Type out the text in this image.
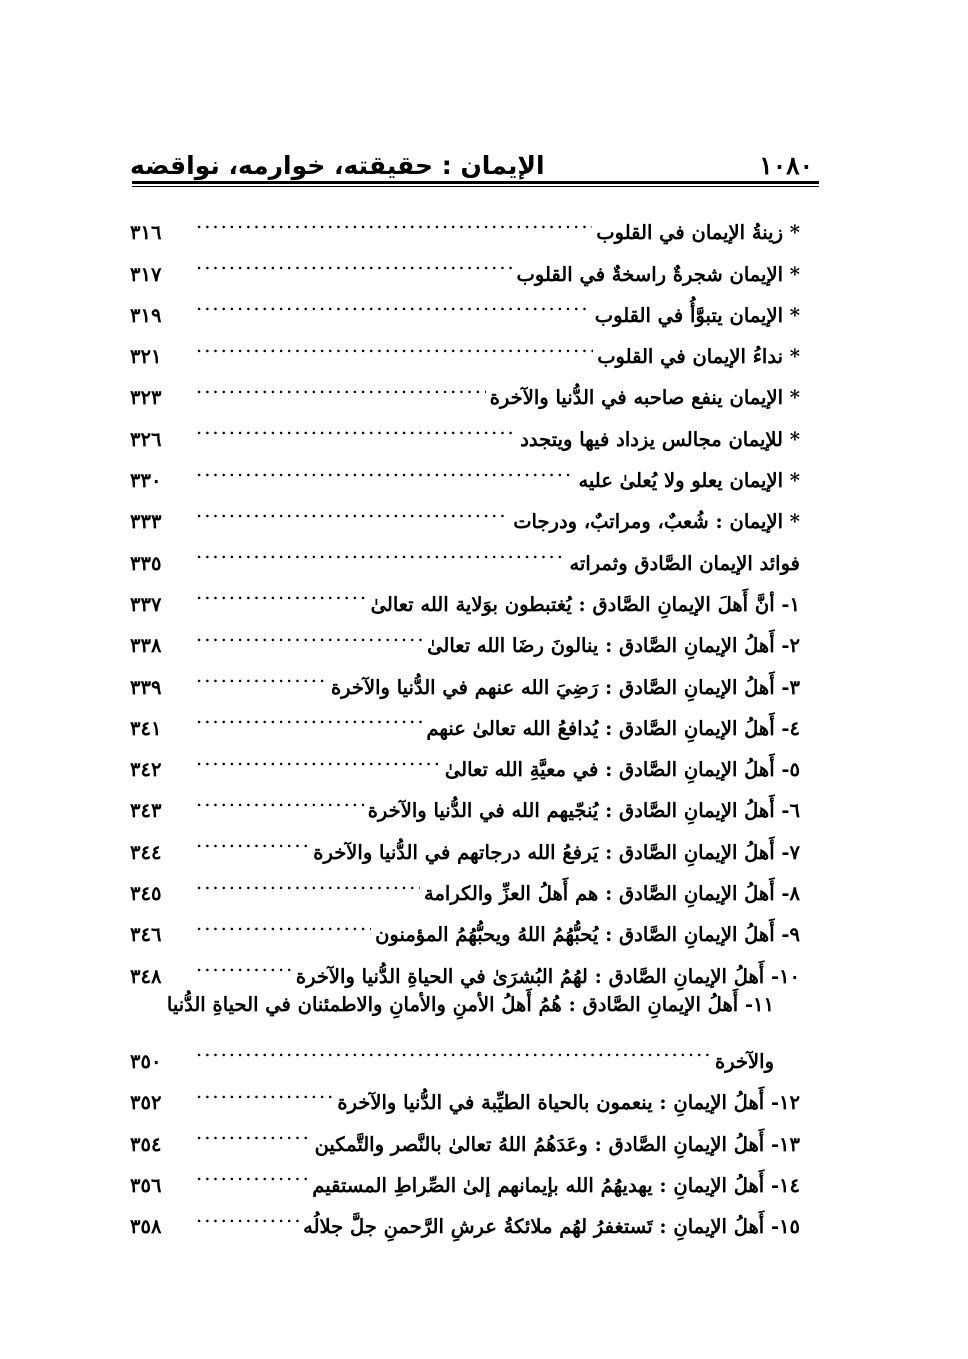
١٠٨٠
الإيمان : حقيقته، خوارمه، نواقضه
* زينةُ الإيمان في القلوب
.....
٣١٦
* الإيمان شجرةٌ راسخةٌ في القلوب
.....
٣١٧
* الإيمان يتبوَّأُ في القلوب
.....
٣١٩
* نداءُ الإيمان في القلوب
.....
٣٢١
* الإيمان ينفع صاحبه في الدُّنيا والآخرة
.....
٣٢٣
* للإيمان مجالس يزداد فيها ويتجدد
.....
٣٢٦
* الإيمان يعلو ولا يُعلىٰ عليه
.....
٣٣٠
* الإيمان : شُعبٌ، ومراتبٌ، ودرجات
.....
٣٣٣
فوائد الإيمان الصَّادق وثمراته
.....
٣٣٥
١- أنَّ أَهلَ الإيمانِ الصَّادق : يُغتبطون بوَلاية الله تعالىٰ
.....
٣٣٧
٢- أَهلُ الإيمانِ الصَّادق : ينالونَ رضَا الله تعالىٰ
.....
٣٣٨
٣- أَهلُ الإيمانِ الصَّادق : رَضِيَ الله عنهم في الدُّنيا والآخرة
.....
٣٣٩
٤- أَهلُ الإيمانِ الصَّادق : يُدافعُ الله تعالىٰ عنهم
.....
٣٤١
٥- أَهلُ الإيمانِ الصَّادق : في معيَّةِ الله تعالىٰ
.....
٣٤٢
٦- أَهلُ الإيمانِ الصَّادق : يُنجّيهم الله في الدُّنيا والآخرة
.....
٣٤٣
٧- أَهلُ الإيمانِ الصَّادق : يَرفعُ الله درجاتهم في الدُّنيا والآخرة
.....
٣٤٤
٨- أَهلُ الإيمانِ الصَّادق : هم أَهلُ العزِّ والكرامة
.....
٣٤٥
٩- أَهلُ الإيمانِ الصَّادق : يُحبُّهُمُ اللهُ ويحبُّهُمُ المؤمنون
.....
٣٤٦
١٠- أَهلُ الإيمانِ الصَّادق : لهُمُ البُشرَىٰ في الحياةِ الدُّنيا والآخرة
.....
٣٤٨
١١- أَهلُ الإيمانِ الصَّادق : هُمُ أَهلُ الأمنِ والأمانِ والاطمئنان في الحياةِ الدُّنيا
والآخرة
.....
٣٥٠
١٢- أَهلُ الإيمانِ : ينعمون بالحياة الطيِّبة في الدُّنيا والآخرة
.....
٣٥٢
١٣- أَهلُ الإيمانِ الصَّادق : وعَدَهُمُ اللهُ تعالىٰ بالنَّصر والتَّمكين
.....
٣٥٤
١٤- أَهلُ الإيمانِ : يهديهُمُ الله بإيمانهم إلىٰ الصِّراطِ المستقيم
.....
٣٥٦
١٥- أَهلُ الإيمانِ : تَستغفرُ لهُم ملائكةُ عرشِ الرَّحمنِ جلَّ جلالُه
.....
٣٥٨
